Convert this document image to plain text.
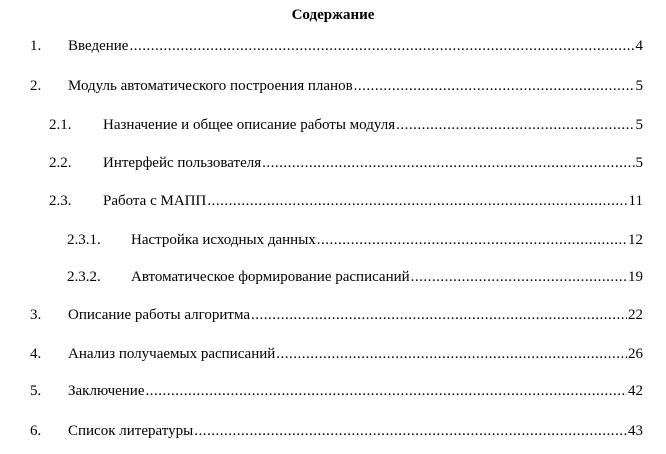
Содержание
1. Введение .....	4
2. Модуль автоматического построения планов .....	5
2.1. Назначение и общее описание работы модуля .....	5
2.2. Интерфейс пользователя .....	5
2.3. Работа с МАПП .....	11
2.3.1. Настройка исходных данных .....	12
2.3.2. Автоматическое формирование расписаний .....	19
3. Описание работы алгоритма .....	22
4. Анализ получаемых расписаний .....	26
5. Заключение .....	42
6. Список литературы .....	43
